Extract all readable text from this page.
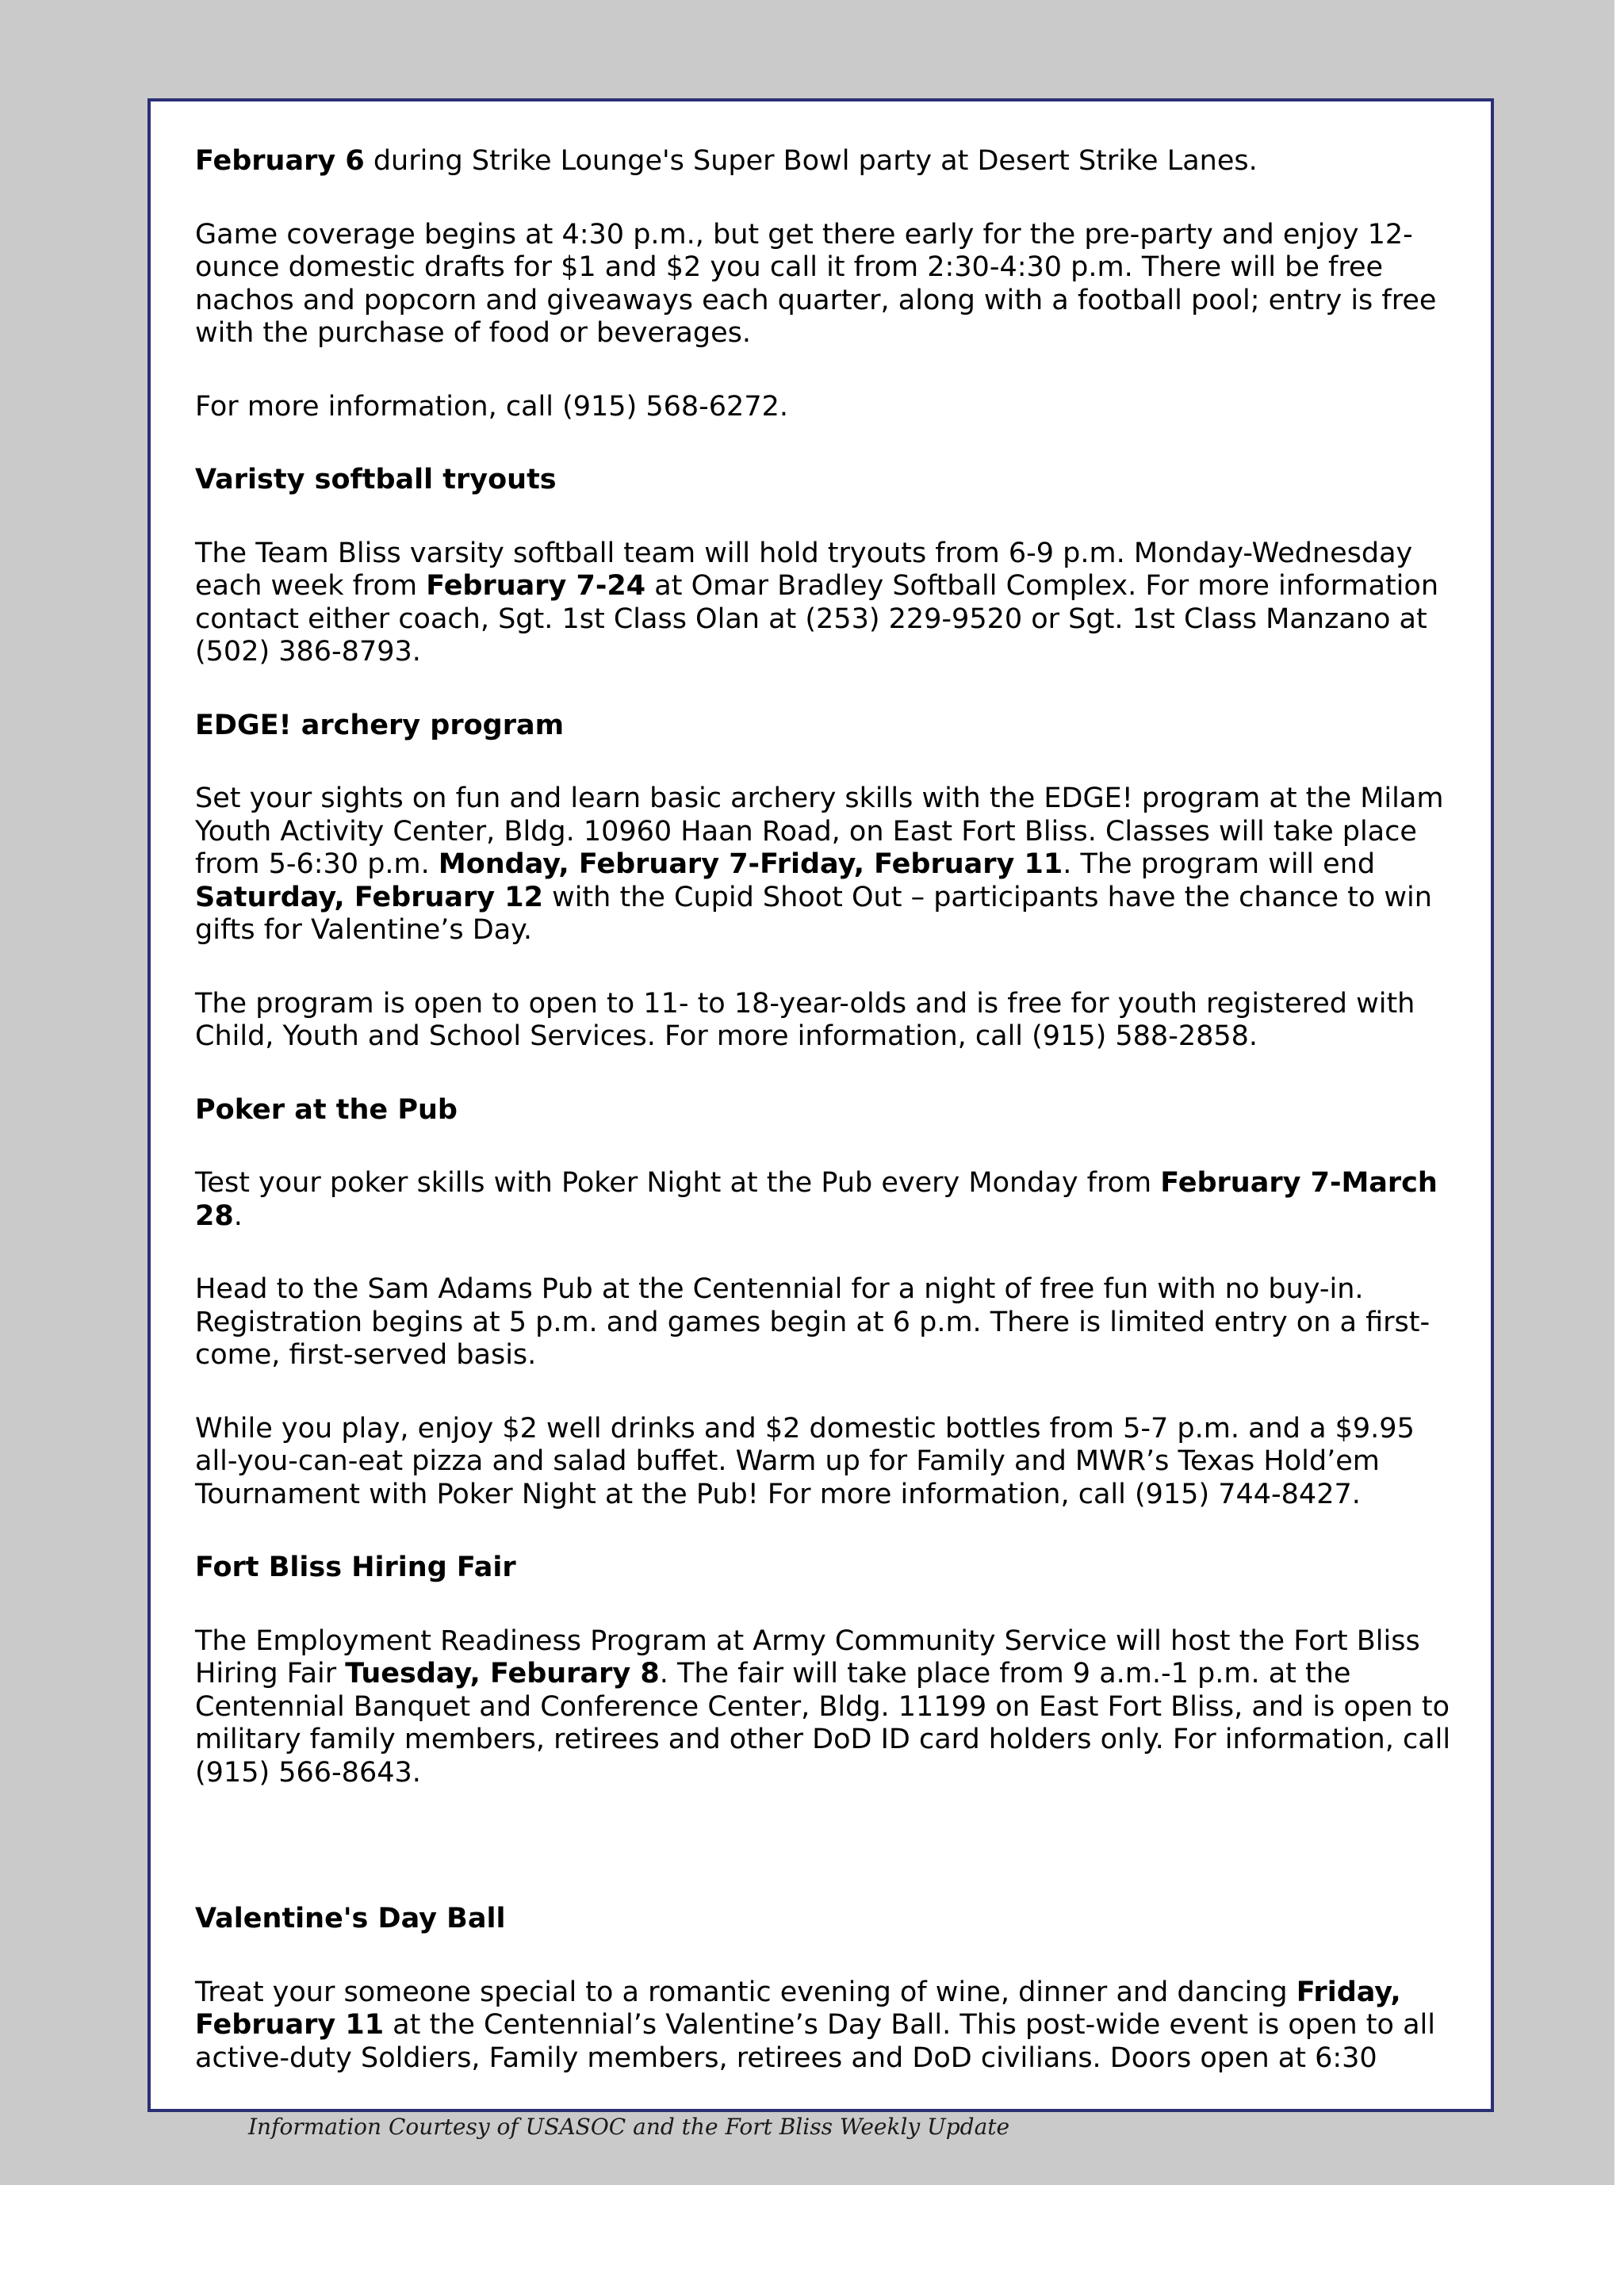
February 6 during Strike Lounge's Super Bowl party at Desert Strike Lanes.

Game coverage begins at 4:30 p.m., but get there early for the pre-party and enjoy 12-ounce domestic drafts for $1 and $2 you call it from 2:30-4:30 p.m. There will be free nachos and popcorn and giveaways each quarter, along with a football pool; entry is free with the purchase of food or beverages.

For more information, call (915) 568-6272.

Varisty softball tryouts

The Team Bliss varsity softball team will hold tryouts from 6-9 p.m. Monday-Wednesday each week from February 7-24 at Omar Bradley Softball Complex. For more information contact either coach, Sgt. 1st Class Olan at (253) 229-9520 or Sgt. 1st Class Manzano at (502) 386-8793.

EDGE! archery program

Set your sights on fun and learn basic archery skills with the EDGE! program at the Milam Youth Activity Center, Bldg. 10960 Haan Road, on East Fort Bliss. Classes will take place from 5-6:30 p.m. Monday, February 7-Friday, February 11. The program will end Saturday, February 12 with the Cupid Shoot Out – participants have the chance to win gifts for Valentine’s Day.

The program is open to open to 11- to 18-year-olds and is free for youth registered with Child, Youth and School Services. For more information, call (915) 588-2858.

Poker at the Pub

Test your poker skills with Poker Night at the Pub every Monday from February 7-March 28.

Head to the Sam Adams Pub at the Centennial for a night of free fun with no buy-in. Registration begins at 5 p.m. and games begin at 6 p.m. There is limited entry on a first-come, first-served basis.

While you play, enjoy $2 well drinks and $2 domestic bottles from 5-7 p.m. and a $9.95 all-you-can-eat pizza and salad buffet. Warm up for Family and MWR’s Texas Hold’em Tournament with Poker Night at the Pub! For more information, call (915) 744-8427.

Fort Bliss Hiring Fair

The Employment Readiness Program at Army Community Service will host the Fort Bliss Hiring Fair Tuesday, Feburary 8. The fair will take place from 9 a.m.-1 p.m. at the Centennial Banquet and Conference Center, Bldg. 11199 on East Fort Bliss, and is open to military family members, retirees and other DoD ID card holders only. For information, call (915) 566-8643.

Valentine's Day Ball

Treat your someone special to a romantic evening of wine, dinner and dancing Friday, February 11 at the Centennial’s Valentine’s Day Ball. This post-wide event is open to all active-duty Soldiers, Family members, retirees and DoD civilians. Doors open at 6:30

Information Courtesy of USASOC and the Fort Bliss Weekly Update
